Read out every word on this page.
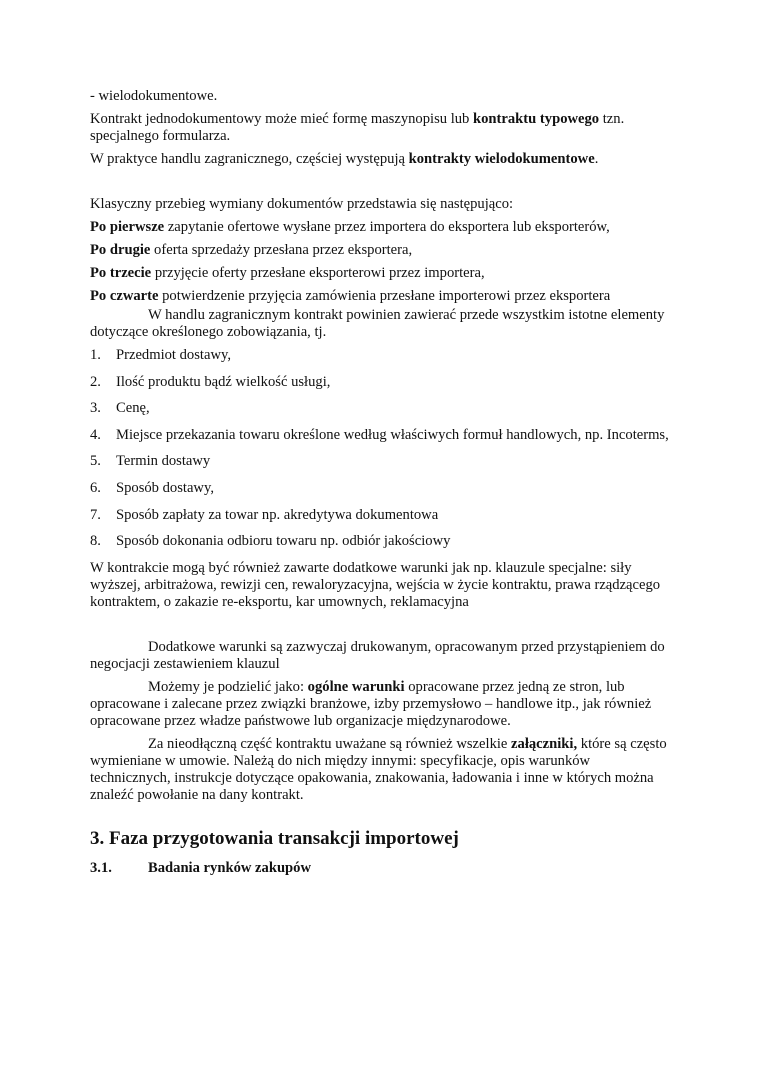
- wielodokumentowe.

Kontrakt jednodokumentowy może mieć formę maszynopisu lub kontraktu typowego tzn. specjalnego formularza.

W praktyce handlu zagranicznego, częściej występują kontrakty wielodokumentowe.

Klasyczny przebieg wymiany dokumentów przedstawia się następująco:

Po pierwsze zapytanie ofertowe wysłane przez importera do eksportera lub eksporterów,

Po drugie oferta sprzedaży przesłana przez eksportera,

Po trzecie przyjęcie oferty przesłane eksporterowi przez importera,

Po czwarte potwierdzenie przyjęcia zamówienia przesłane importerowi przez eksportera

W handlu zagranicznym kontrakt powinien zawierać przede wszystkim istotne elementy dotyczące określonego zobowiązania, tj.

1.	Przedmiot dostawy,
2.	Ilość produktu bądź wielkość usługi,
3.	Cenę,
4.	Miejsce przekazania towaru określone według właściwych formuł handlowych, np. Incoterms,
5.	Termin dostawy
6.	Sposób dostawy,
7.	Sposób zapłaty za towar np. akredytywa dokumentowa
8.	Sposób dokonania odbioru towaru np. odbiór jakościowy

W kontrakcie mogą być również zawarte dodatkowe warunki jak np. klauzule specjalne: siły wyższej, arbitrażowa, rewizji cen, rewaloryzacyjna, wejścia w życie kontraktu, prawa rządzącego kontraktem, o zakazie re-eksportu, kar umownych, reklamacyjna

Dodatkowe warunki są zazwyczaj drukowanym, opracowanym przed przystąpieniem do negocjacji zestawieniem klauzul

Możemy je podzielić jako: ogólne warunki opracowane przez jedną ze stron, lub opracowane i zalecane przez związki branżowe, izby przemysłowo – handlowe itp., jak również opracowane przez władze państwowe lub organizacje międzynarodowe.

Za nieodłączną część kontraktu uważane są również wszelkie załączniki, które są często wymieniane w umowie. Należą do nich między innymi: specyfikacje, opis warunków technicznych, instrukcje dotyczące opakowania, znakowania, ładowania i inne w których można znaleźć powołanie na dany kontrakt.

3. Faza przygotowania transakcji importowej
3.1.	Badania rynków zakupów
